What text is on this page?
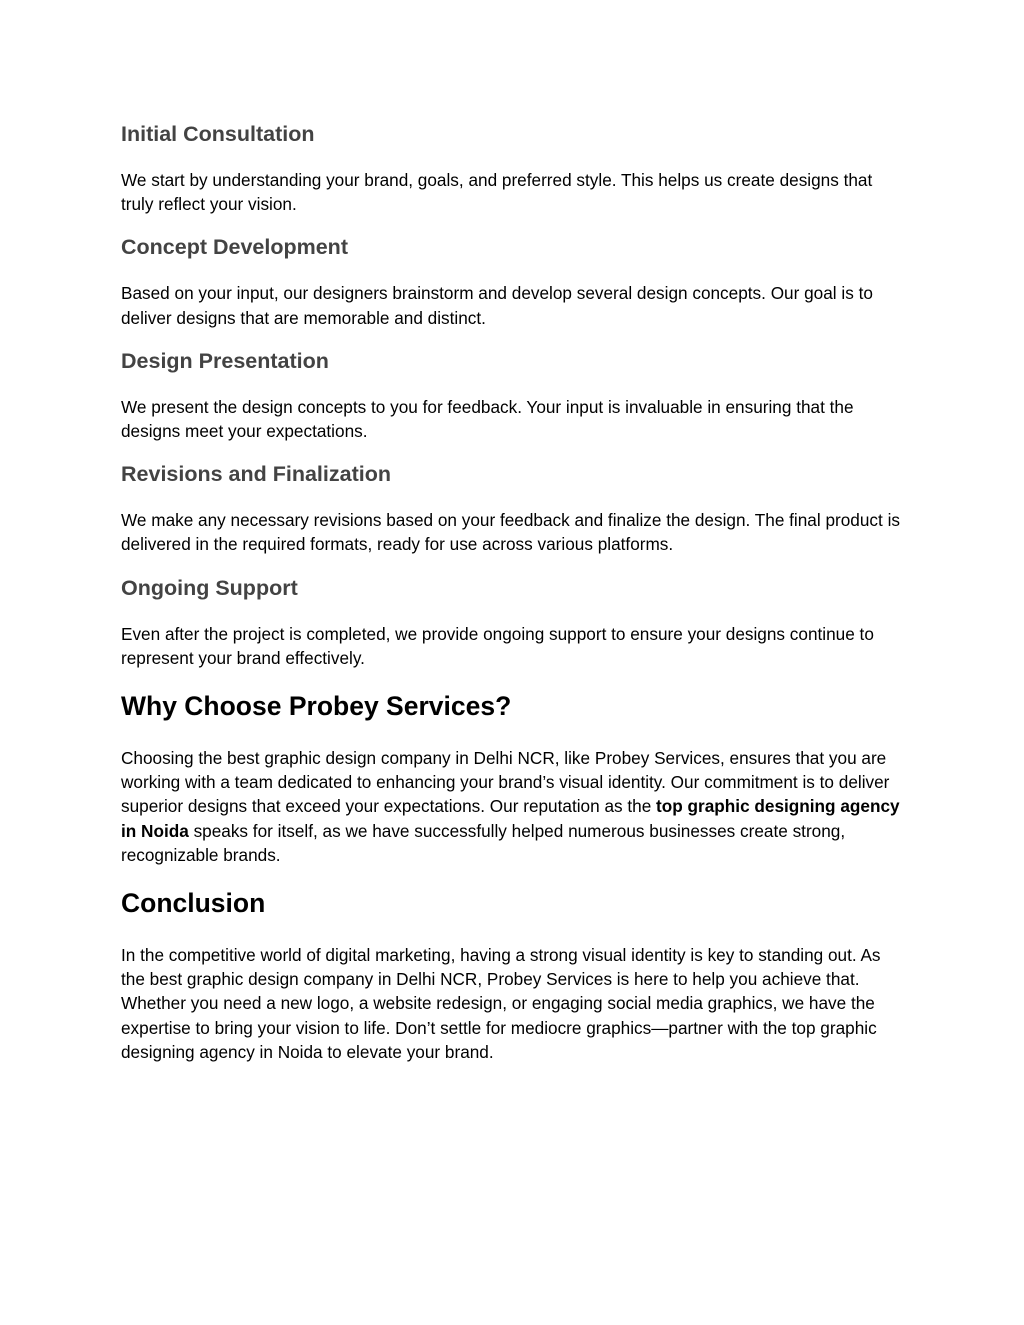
Initial Consultation

We start by understanding your brand, goals, and preferred style. This helps us create designs that truly reflect your vision.

Concept Development

Based on your input, our designers brainstorm and develop several design concepts. Our goal is to deliver designs that are memorable and distinct.

Design Presentation

We present the design concepts to you for feedback. Your input is invaluable in ensuring that the designs meet your expectations.

Revisions and Finalization

We make any necessary revisions based on your feedback and finalize the design. The final product is delivered in the required formats, ready for use across various platforms.

Ongoing Support

Even after the project is completed, we provide ongoing support to ensure your designs continue to represent your brand effectively.

Why Choose Probey Services?

Choosing the best graphic design company in Delhi NCR, like Probey Services, ensures that you are working with a team dedicated to enhancing your brand’s visual identity. Our commitment is to deliver superior designs that exceed your expectations. Our reputation as the top graphic designing agency in Noida speaks for itself, as we have successfully helped numerous businesses create strong, recognizable brands.

Conclusion

In the competitive world of digital marketing, having a strong visual identity is key to standing out. As the best graphic design company in Delhi NCR, Probey Services is here to help you achieve that. Whether you need a new logo, a website redesign, or engaging social media graphics, we have the expertise to bring your vision to life. Don’t settle for mediocre graphics—partner with the top graphic designing agency in Noida to elevate your brand.
